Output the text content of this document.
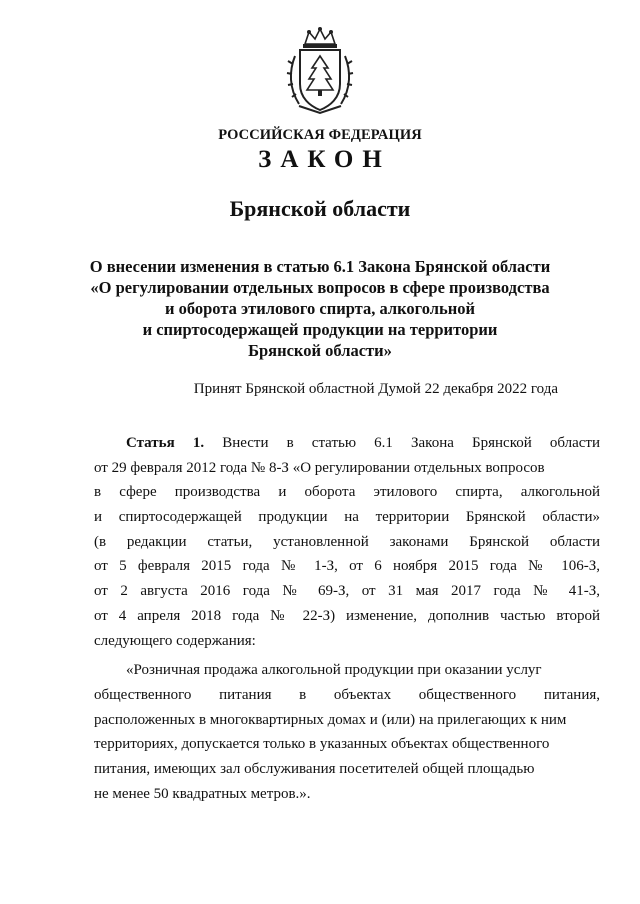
РОССИЙСКАЯ ФЕДЕРАЦИЯ
ЗАКОН
Брянской области
О внесении изменения в статью 6.1 Закона Брянской области
«О регулировании отдельных вопросов в сфере производства
и оборота этилового спирта, алкогольной
и спиртосодержащей продукции на территории
Брянской области»
Принят Брянской областной Думой 22 декабря 2022 года
Статья 1. Внести в статью 6.1 Закона Брянской области
от 29 февраля 2012 года № 8-З «О регулировании отдельных вопросов
в сфере производства и оборота этилового спирта, алкогольной
и спиртосодержащей продукции на территории Брянской области»
(в редакции статьи, установленной законами Брянской области
от 5 февраля 2015 года № 1-З, от 6 ноября 2015 года № 106-З,
от 2 августа 2016 года № 69-З, от 31 мая 2017 года № 41-З,
от 4 апреля 2018 года № 22-З) изменение, дополнив частью второй
следующего содержания:
«Розничная продажа алкогольной продукции при оказании услуг
общественного питания в объектах общественного питания,
расположенных в многоквартирных домах и (или) на прилегающих к ним
территориях, допускается только в указанных объектах общественного
питания, имеющих зал обслуживания посетителей общей площадью
не менее 50 квадратных метров.».
